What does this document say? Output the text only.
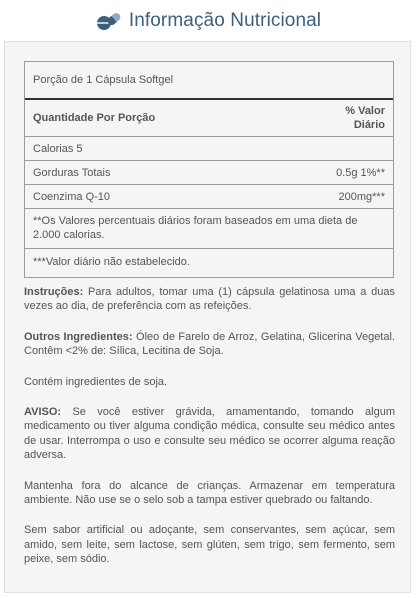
Informação Nutricional
Porção de 1 Cápsula Softgel
Quantidade Por Porção
% Valor
Diário
Calorias 5
Gorduras Totais	0.5g 1%**
Coenzima Q-10	200mg***
**Os Valores percentuais diários foram baseados em uma dieta de 2.000 calorias.
***Valor diário não estabelecido.

Instruções: Para adultos, tomar uma (1) cápsula gelatinosa uma a duas vezes ao dia, de preferência com as refeições.

Outros Ingredientes: Óleo de Farelo de Arroz, Gelatina, Glicerina Vegetal. Contêm <2% de: Sílica, Lecitina de Soja.

Contém ingredientes de soja.

AVISO: Se você estiver grávida, amamentando, tomando algum medicamento ou tiver alguma condição médica, consulte seu médico antes de usar. Interrompa o uso e consulte seu médico se ocorrer alguma reação adversa.

Mantenha fora do alcance de crianças. Armazenar em temperatura ambiente. Não use se o selo sob a tampa estiver quebrado ou faltando.

Sem sabor artificial ou adoçante, sem conservantes, sem açúcar, sem amido, sem leite, sem lactose, sem glúten, sem trigo, sem fermento, sem peixe, sem sódio.
